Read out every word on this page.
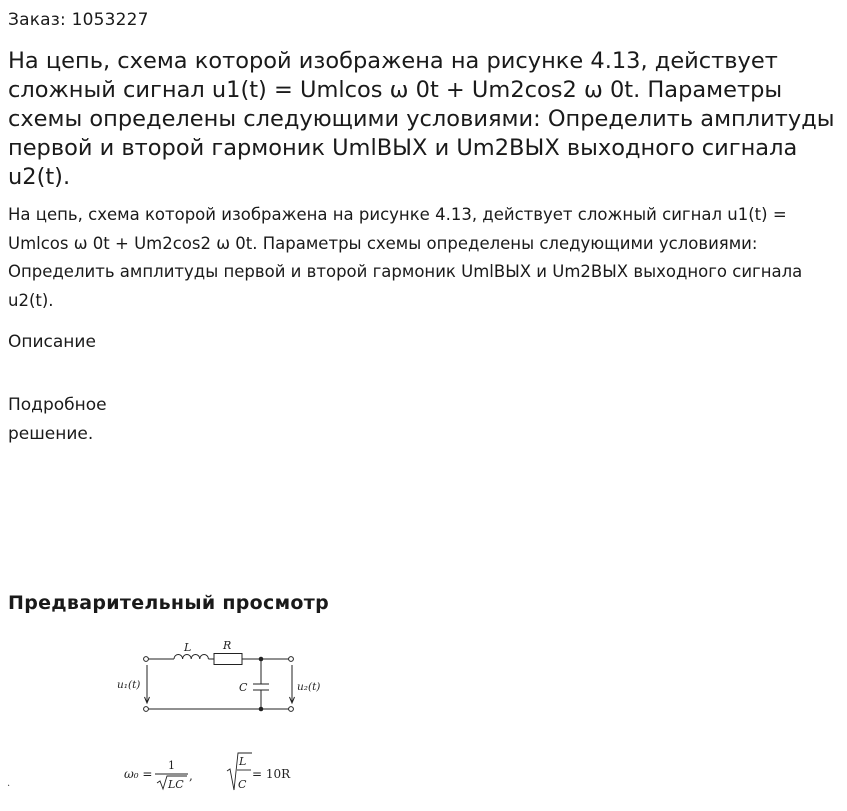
Заказ: 1053227
На цепь, схема которой изображена на рисунке 4.13, действует сложный сигнал u1(t) = Umlcos ω 0t + Um2cos2 ω 0t. Параметры схемы определены следующими условиями: Определить амплитуды первой и второй гармоник UmlВЫХ и Um2ВЫХ выходного сигнала u2(t).

На цепь, схема которой изображена на рисунке 4.13, действует сложный сигнал u1(t) = Umlcos ω 0t + Um2cos2 ω 0t. Параметры схемы определены следующими условиями: Определить амплитуды первой и второй гармоник UmlВЫХ и Um2ВЫХ выходного сигнала u2(t).

Описание
Подробное решение.
Предварительный просмотр
L	R
C
u₁(t)	u₂(t)
ω₀ =
1
LC
,
L
C
= 10R
.
